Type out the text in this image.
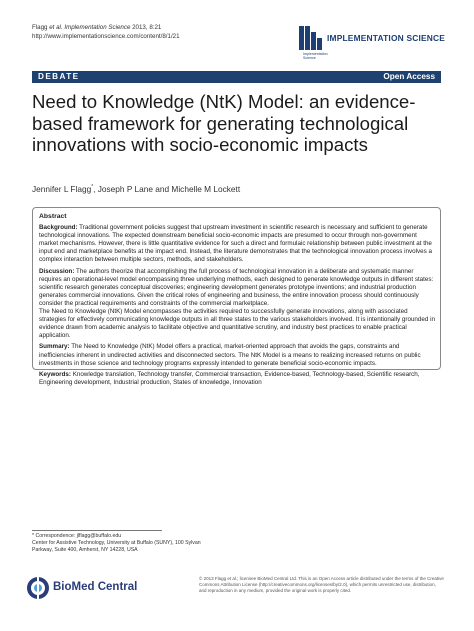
Flagg et al. Implementation Science 2013, 8:21
http://www.implementationscience.com/content/8/1/21	IMPLEMENTATION SCIENCE
Implementation
Science
DEBATE	Open Access
Need to Knowledge (NtK) Model: an evidence-based framework for generating technological innovations with socio-economic impacts
Jennifer L Flagg*, Joseph P Lane and Michelle M Lockett
Abstract

Background: Traditional government policies suggest that upstream investment in scientific research is necessary and sufficient to generate technological innovations. The expected downstream beneficial socio-economic impacts are presumed to occur through non-government market mechanisms. However, there is little quantitative evidence for such a direct and formulaic relationship between public investment at the input end and marketplace benefits at the impact end. Instead, the literature demonstrates that the technological innovation process involves a complex interaction between multiple sectors, methods, and stakeholders.

Discussion: The authors theorize that accomplishing the full process of technological innovation in a deliberate and systematic manner requires an operational-level model encompassing three underlying methods, each designed to generate knowledge outputs in different states: scientific research generates conceptual discoveries; engineering development generates prototype inventions; and industrial production generates commercial innovations. Given the critical roles of engineering and business, the entire innovation process should continuously consider the practical requirements and constraints of the commercial marketplace.

The Need to Knowledge (NtK) Model encompasses the activities required to successfully generate innovations, along with associated strategies for effectively communicating knowledge outputs in all three states to the various stakeholders involved. It is intentionally grounded in evidence drawn from academic analysis to facilitate objective and quantitative scrutiny, and industry best practices to enable practical application.

Summary: The Need to Knowledge (NtK) Model offers a practical, market-oriented approach that avoids the gaps, constraints and inefficiencies inherent in undirected activities and disconnected sectors. The NtK Model is a means to realizing increased returns on public investments in those science and technology programs expressly intended to generate beneficial socio-economic impacts.

Keywords: Knowledge translation, Technology transfer, Commercial transaction, Evidence-based, Technology-based, Scientific research, Engineering development, Industrial production, States of knowledge, Innovation

* Correspondence: jlflagg@buffalo.edu
Center for Assistive Technology, University at Buffalo (SUNY), 100 Sylvan
Parkway, Suite 400, Amherst, NY 14228, USA
BioMed Central
© 2013 Flagg et al.; licensee BioMed Central Ltd. This is an Open Access article distributed under the terms of the Creative Commons Attribution License (http://creativecommons.org/licenses/by/2.0), which permits unrestricted use, distribution, and reproduction in any medium, provided the original work is properly cited.
